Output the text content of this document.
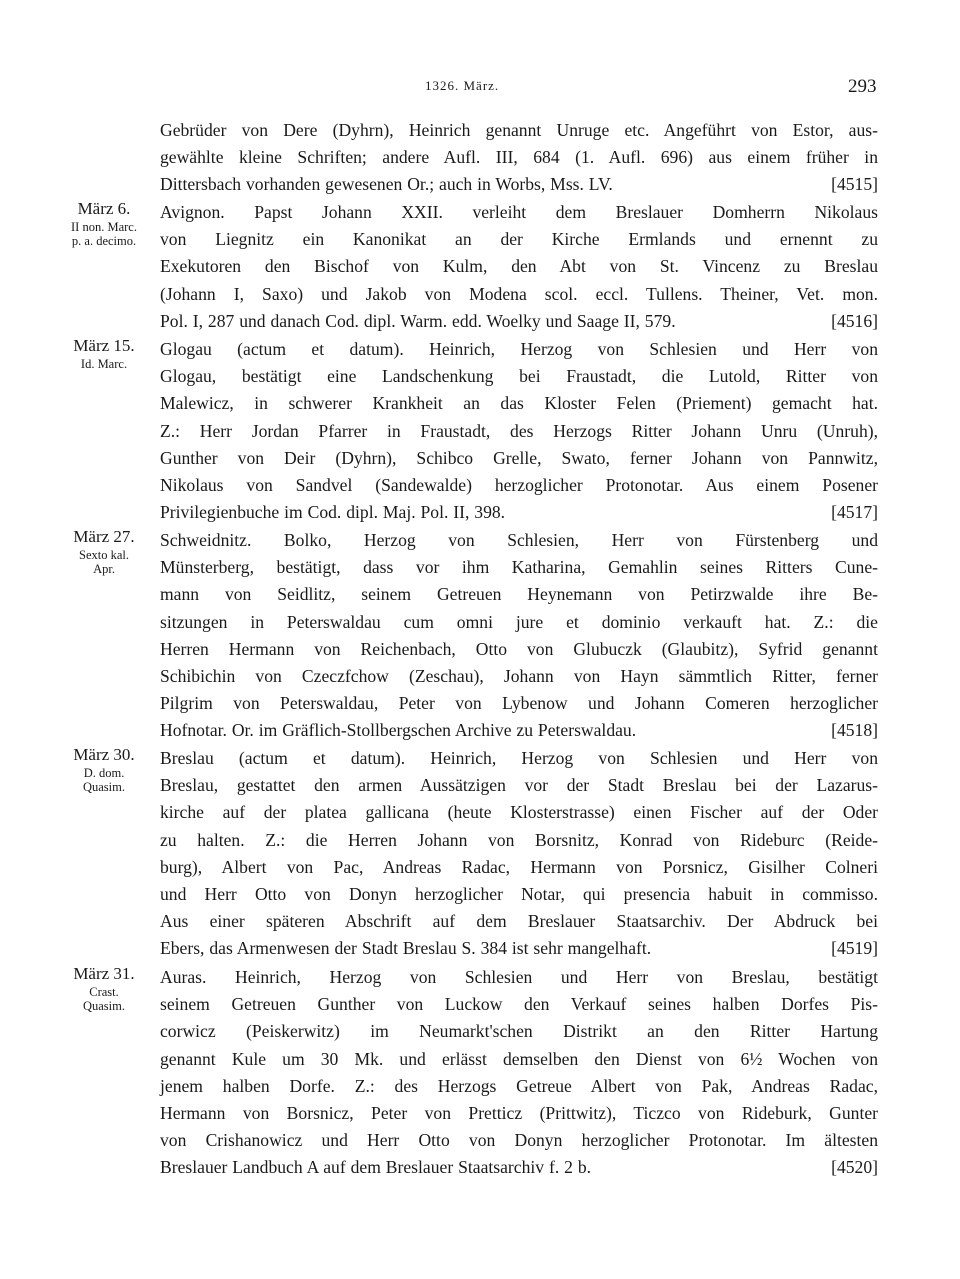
1326. März.	293
Gebrüder von Dere (Dyhrn), Heinrich genannt Unruge etc. Angeführt von Estor, aus-
gewählte kleine Schriften; andere Aufl. III, 684 (1. Aufl. 696) aus einem früher in
Dittersbach vorhanden gewesenen Or.; auch in Worbs, Mss. LV.	[4515]
März 6.
II non. Marc.
p. a. decimo.
Avignon. Papst Johann XXII. verleiht dem Breslauer Domherrn Nikolaus
von Liegnitz ein Kanonikat an der Kirche Ermlands und ernennt zu
Exekutoren den Bischof von Kulm, den Abt von St. Vincenz zu Breslau
(Johann I, Saxo) und Jakob von Modena scol. eccl. Tullens. Theiner, Vet. mon.
Pol. I, 287 und danach Cod. dipl. Warm. edd. Woelky und Saage II, 579.	[4516]
März 15.
Id. Marc.
Glogau (actum et datum). Heinrich, Herzog von Schlesien und Herr von
Glogau, bestätigt eine Landschenkung bei Fraustadt, die Lutold, Ritter von
Malewicz, in schwerer Krankheit an das Kloster Felen (Priement) gemacht hat.
Z.: Herr Jordan Pfarrer in Fraustadt, des Herzogs Ritter Johann Unru (Unruh),
Gunther von Deir (Dyhrn), Schibco Grelle, Swato, ferner Johann von Pannwitz,
Nikolaus von Sandvel (Sandewalde) herzoglicher Protonotar. Aus einem Posener
Privilegienbuche im Cod. dipl. Maj. Pol. II, 398.	[4517]
März 27.
Sexto kal.
Apr.
Schweidnitz. Bolko, Herzog von Schlesien, Herr von Fürstenberg und
Münsterberg, bestätigt, dass vor ihm Katharina, Gemahlin seines Ritters Cune-
mann von Seidlitz, seinem Getreuen Heynemann von Petirzwalde ihre Be-
sitzungen in Peterswaldau cum omni jure et dominio verkauft hat. Z.: die
Herren Hermann von Reichenbach, Otto von Glubuczk (Glaubitz), Syfrid genannt
Schibichin von Czeczfchow (Zeschau), Johann von Hayn sämmtlich Ritter, ferner
Pilgrim von Peterswaldau, Peter von Lybenow und Johann Comeren herzoglicher
Hofnotar. Or. im Gräflich-Stollbergschen Archive zu Peterswaldau.	[4518]
März 30.
D. dom.
Quasim.
Breslau (actum et datum). Heinrich, Herzog von Schlesien und Herr von
Breslau, gestattet den armen Aussätzigen vor der Stadt Breslau bei der Lazarus-
kirche auf der platea gallicana (heute Klosterstrasse) einen Fischer auf der Oder
zu halten. Z.: die Herren Johann von Borsnitz, Konrad von Rideburc (Reide-
burg), Albert von Pac, Andreas Radac, Hermann von Porsnicz, Gisilher Colneri
und Herr Otto von Donyn herzoglicher Notar, qui presencia habuit in commisso.
Aus einer späteren Abschrift auf dem Breslauer Staatsarchiv. Der Abdruck bei
Ebers, das Armenwesen der Stadt Breslau S. 384 ist sehr mangelhaft.	[4519]
März 31.
Crast.
Quasim.
Auras. Heinrich, Herzog von Schlesien und Herr von Breslau, bestätigt
seinem Getreuen Gunther von Luckow den Verkauf seines halben Dorfes Pis-
corwicz (Peiskerwitz) im Neumarkt'schen Distrikt an den Ritter Hartung
genannt Kule um 30 Mk. und erlässt demselben den Dienst von 6½ Wochen von
jenem halben Dorfe. Z.: des Herzogs Getreue Albert von Pak, Andreas Radac,
Hermann von Borsnicz, Peter von Pretticz (Prittwitz), Ticzco von Rideburk, Gunter
von Crishanowicz und Herr Otto von Donyn herzoglicher Protonotar. Im ältesten
Breslauer Landbuch A auf dem Breslauer Staatsarchiv f. 2 b.	[4520]
